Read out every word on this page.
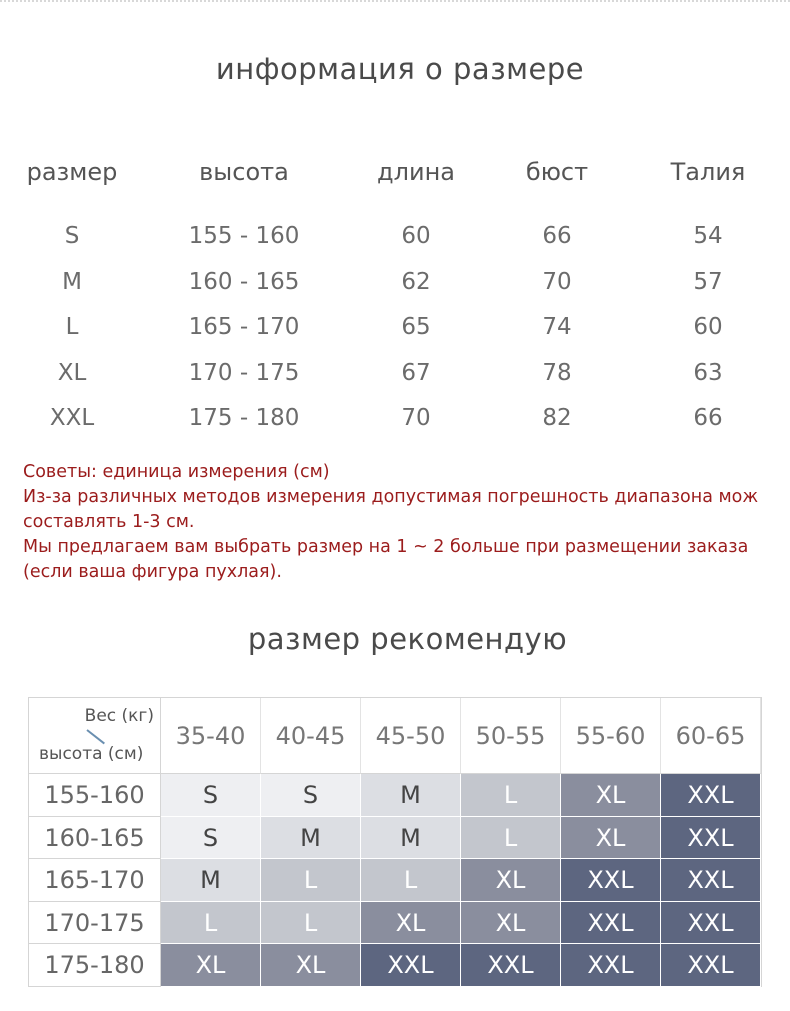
информация о размере
размер	высота	длина	бюст	Талия
S	155 - 160	60	66	54
M	160 - 165	62	70	57
L	165 - 170	65	74	60
XL	170 - 175	67	78	63
XXL	175 - 180	70	82	66
Советы: единица измерения (см)
Из-за различных методов измерения допустимая погрешность диапазона мож
составлять 1-3 см.
Мы предлагаем вам выбрать размер на 1 ~ 2 больше при размещении заказа
(если ваша фигура пухлая).
размер рекомендую
Вес (кг)
высота (см)
35-40	40-45	45-50	50-55	55-60	60-65
155-160	S	S	M	L	XL	XXL
160-165	S	M	M	L	XL	XXL
165-170	M	L	L	XL	XXL	XXL
170-175	L	L	XL	XL	XXL	XXL
175-180	XL	XL	XXL	XXL	XXL	XXL
